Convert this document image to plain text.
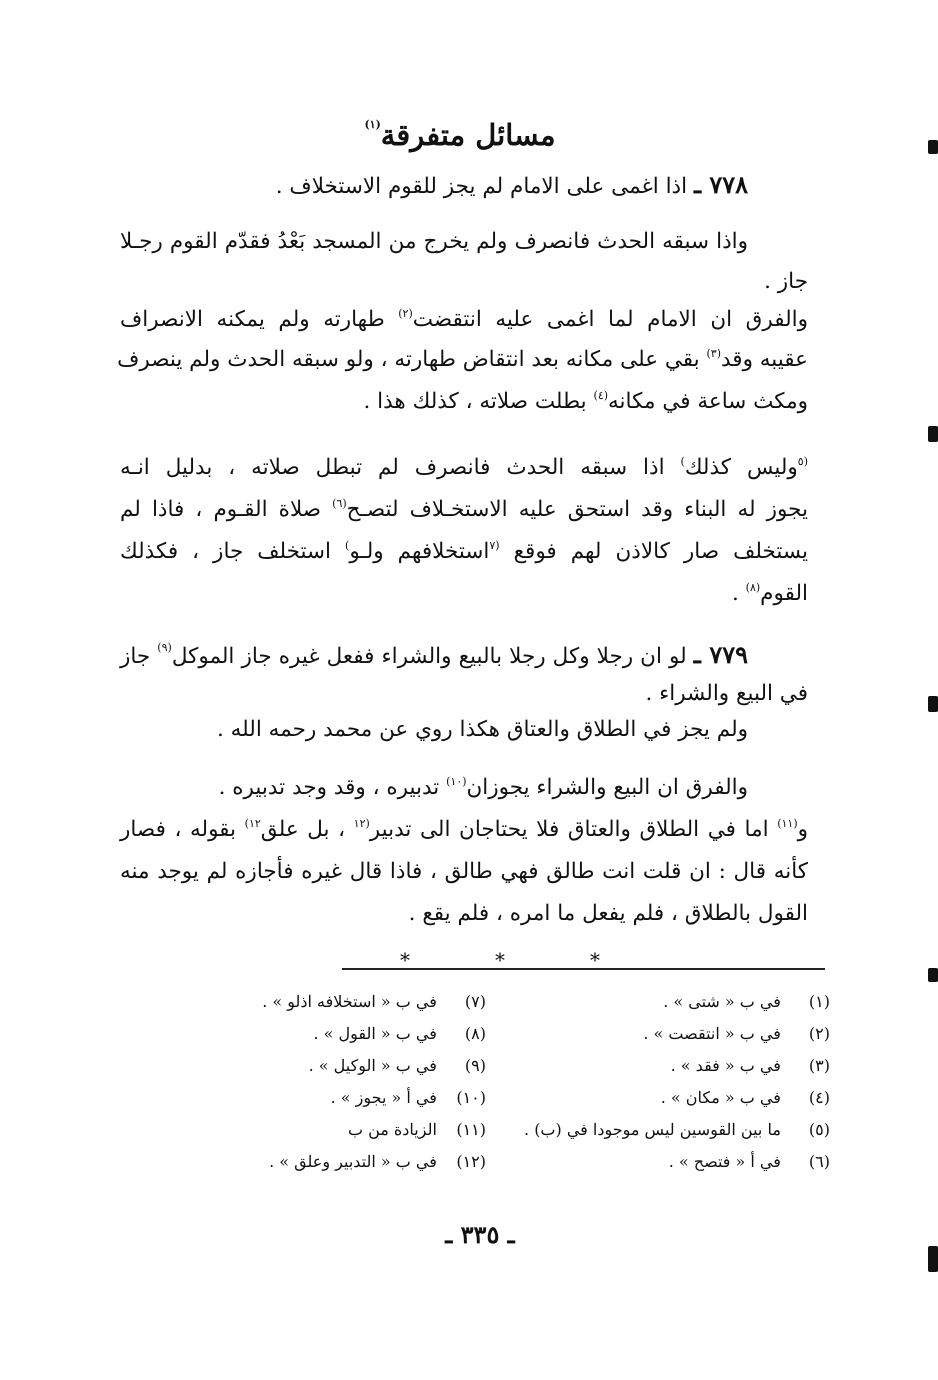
مسائل متفرقة$^{(١)}$
٧٧٨ ـ اذا اغمى على الامام لم يجز للقوم الاستخلاف .
واذا سبقه الحدث فانصرف ولم يخرج من المسجد بَعْدُ فقدّم القوم رجـلا
جاز .
والفرق ان الامام لما اغمى عليه انتقضت$^{(٢)}$ طهارته ولم يمكنه الانصراف
عقيبه وقد$^{(٣)}$ بقي على مكانه بعد انتقاض طهارته ، ولو سبقه الحدث ولم ينصرف
ومكث ساعة في مكانه$^{(٤)}$ بطلت صلاته ، كذلك هذا .
$^{(٥}$وليس كذلك) اذا سبقه الحدث فانصرف لم تبطل صلاته ، بدليل انـه
يجوز له البناء وقد استحق عليه الاستخـلاف لتصـح$^{(٦)}$ صلاة القـوم ، فاذا لم
يستخلف صار كالاذن لهم فوقع $^{(٧}$استخلافهم ولـو) استخلف جاز ، فكذلك
القوم$^{(٨)}$ .
٧٧٩ ـ لو ان رجلا وكل رجلا بالبيع والشراء ففعل غيره جاز الموكل$^{(٩)}$ جاز
في البيع والشراء .
ولم يجز في الطلاق والعتاق هكذا روي عن محمد رحمه الله .
والفرق ان البيع والشراء يجوزان$^{(١٠)}$ تدبيره ، وقد وجد تدبيره .
و$^{(١١)}$ اما في الطلاق والعتاق فلا يحتاجان الى تدبير$^{(١٢}$ ، بل علق$^{١٢)}$ بقوله ، فصار
كأنه قال : ان قلت انت طالق فهي طالق ، فاذا قال غيره فأجازه لم يوجد منه
القول بالطلاق ، فلم يفعل ما امره ، فلم يقع .
*	*	*
(١) في ب « شتى » .
(٢) في ب « انتقصت » .
(٣) في ب « فقد » .
(٤) في ب « مكان » .
(٥) ما بين القوسين ليس موجودا في (ب) .
(٦) في أ « فتصح » .
(٧) في ب « استخلافه اذلو » .
(٨) في ب « القول » .
(٩) في ب « الوكيل » .
(١٠) في أ « يجوز » .
(١١) الزيادة من ب
(١٢) في ب « التدبير وعلق » .
ـ ٣٣٥ ـ
